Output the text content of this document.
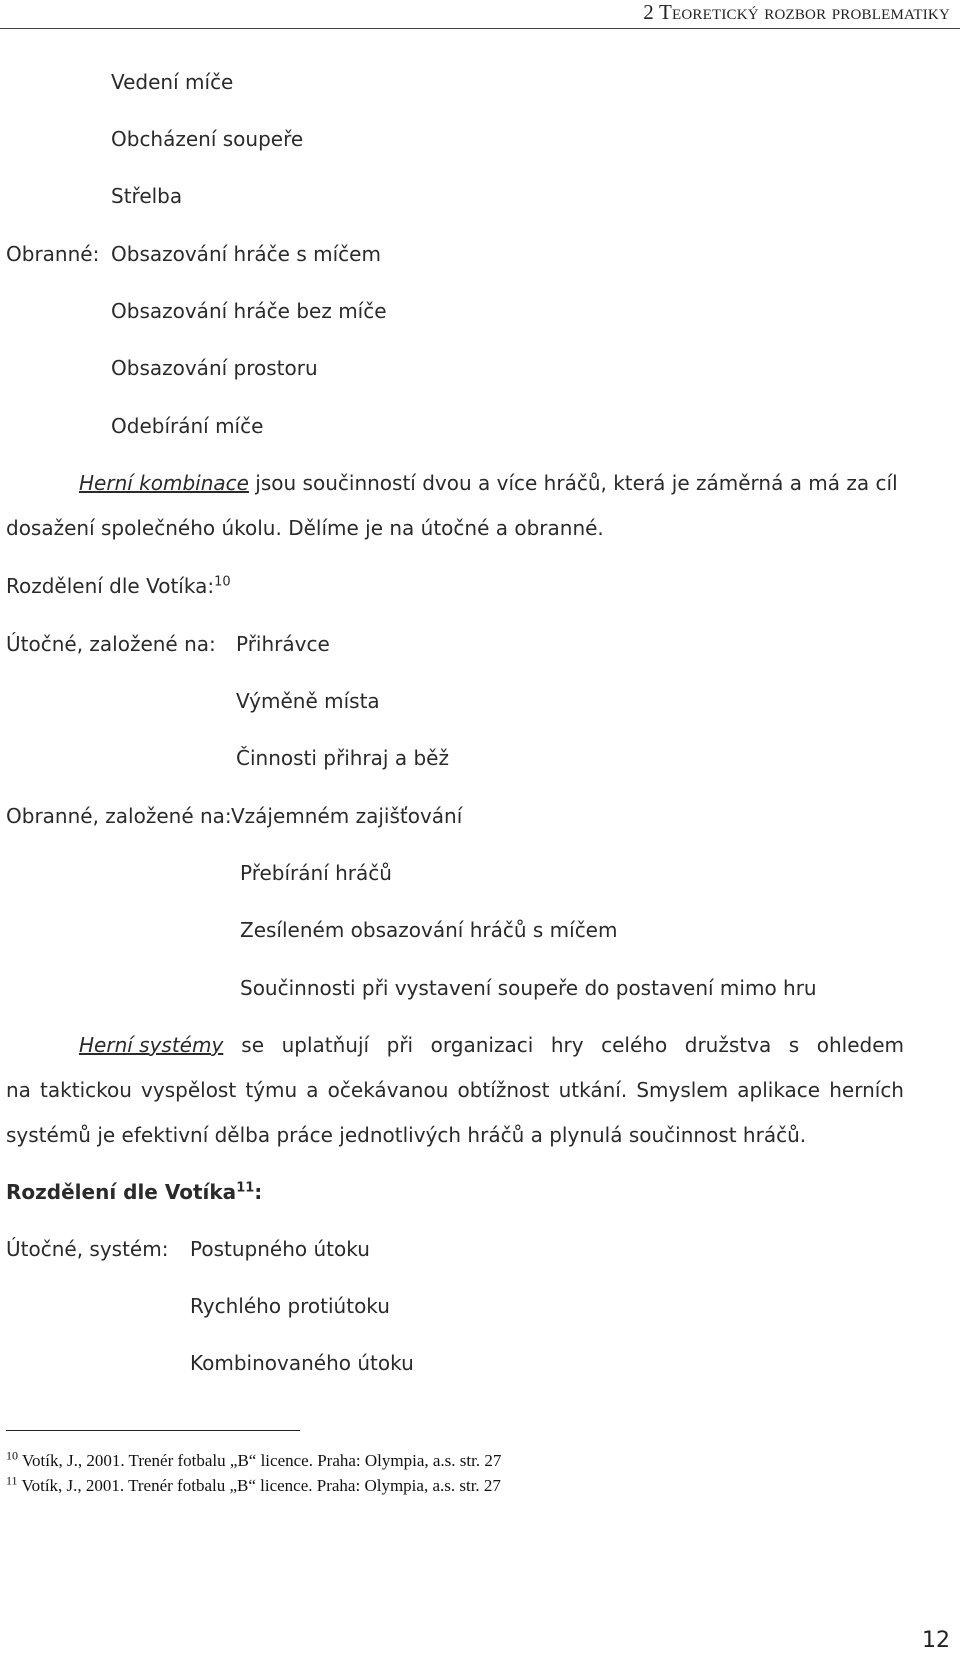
2 Teoretický rozbor problematiky
Vedení míče
Obcházení soupeře
Střelba
Obranné: Obsazování hráče s míčem
Obsazování hráče bez míče
Obsazování prostoru
Odebírání míče
Herní kombinace jsou součinností dvou a více hráčů, která je záměrná a má za cíl
dosažení společného úkolu. Dělíme je na útočné a obranné.
Rozdělení dle Votíka:$^{10}$
Útočné, založené na: Přihrávce
Výměně místa
Činnosti přihraj a běž
Obranné, založené na: Vzájemném zajišťování
Přebírání hráčů
Zesíleném obsazování hráčů s míčem
Součinnosti při vystavení soupeře do postavení mimo hru
Herní systémy se uplatňují při organizaci hry celého družstva s ohledem
na taktickou vyspělost týmu a očekávanou obtížnost utkání. Smyslem aplikace herních
systémů je efektivní dělba práce jednotlivých hráčů a plynulá součinnost hráčů.
Rozdělení dle Votíka$^{11}$:
Útočné, systém: Postupného útoku
Rychlého protiútoku
Kombinovaného útoku
$^{10}$ Votík, J., 2001. Trenér fotbalu „B“ licence. Praha: Olympia, a.s. str. 27
$^{11}$ Votík, J., 2001. Trenér fotbalu „B“ licence. Praha: Olympia, a.s. str. 27
12
